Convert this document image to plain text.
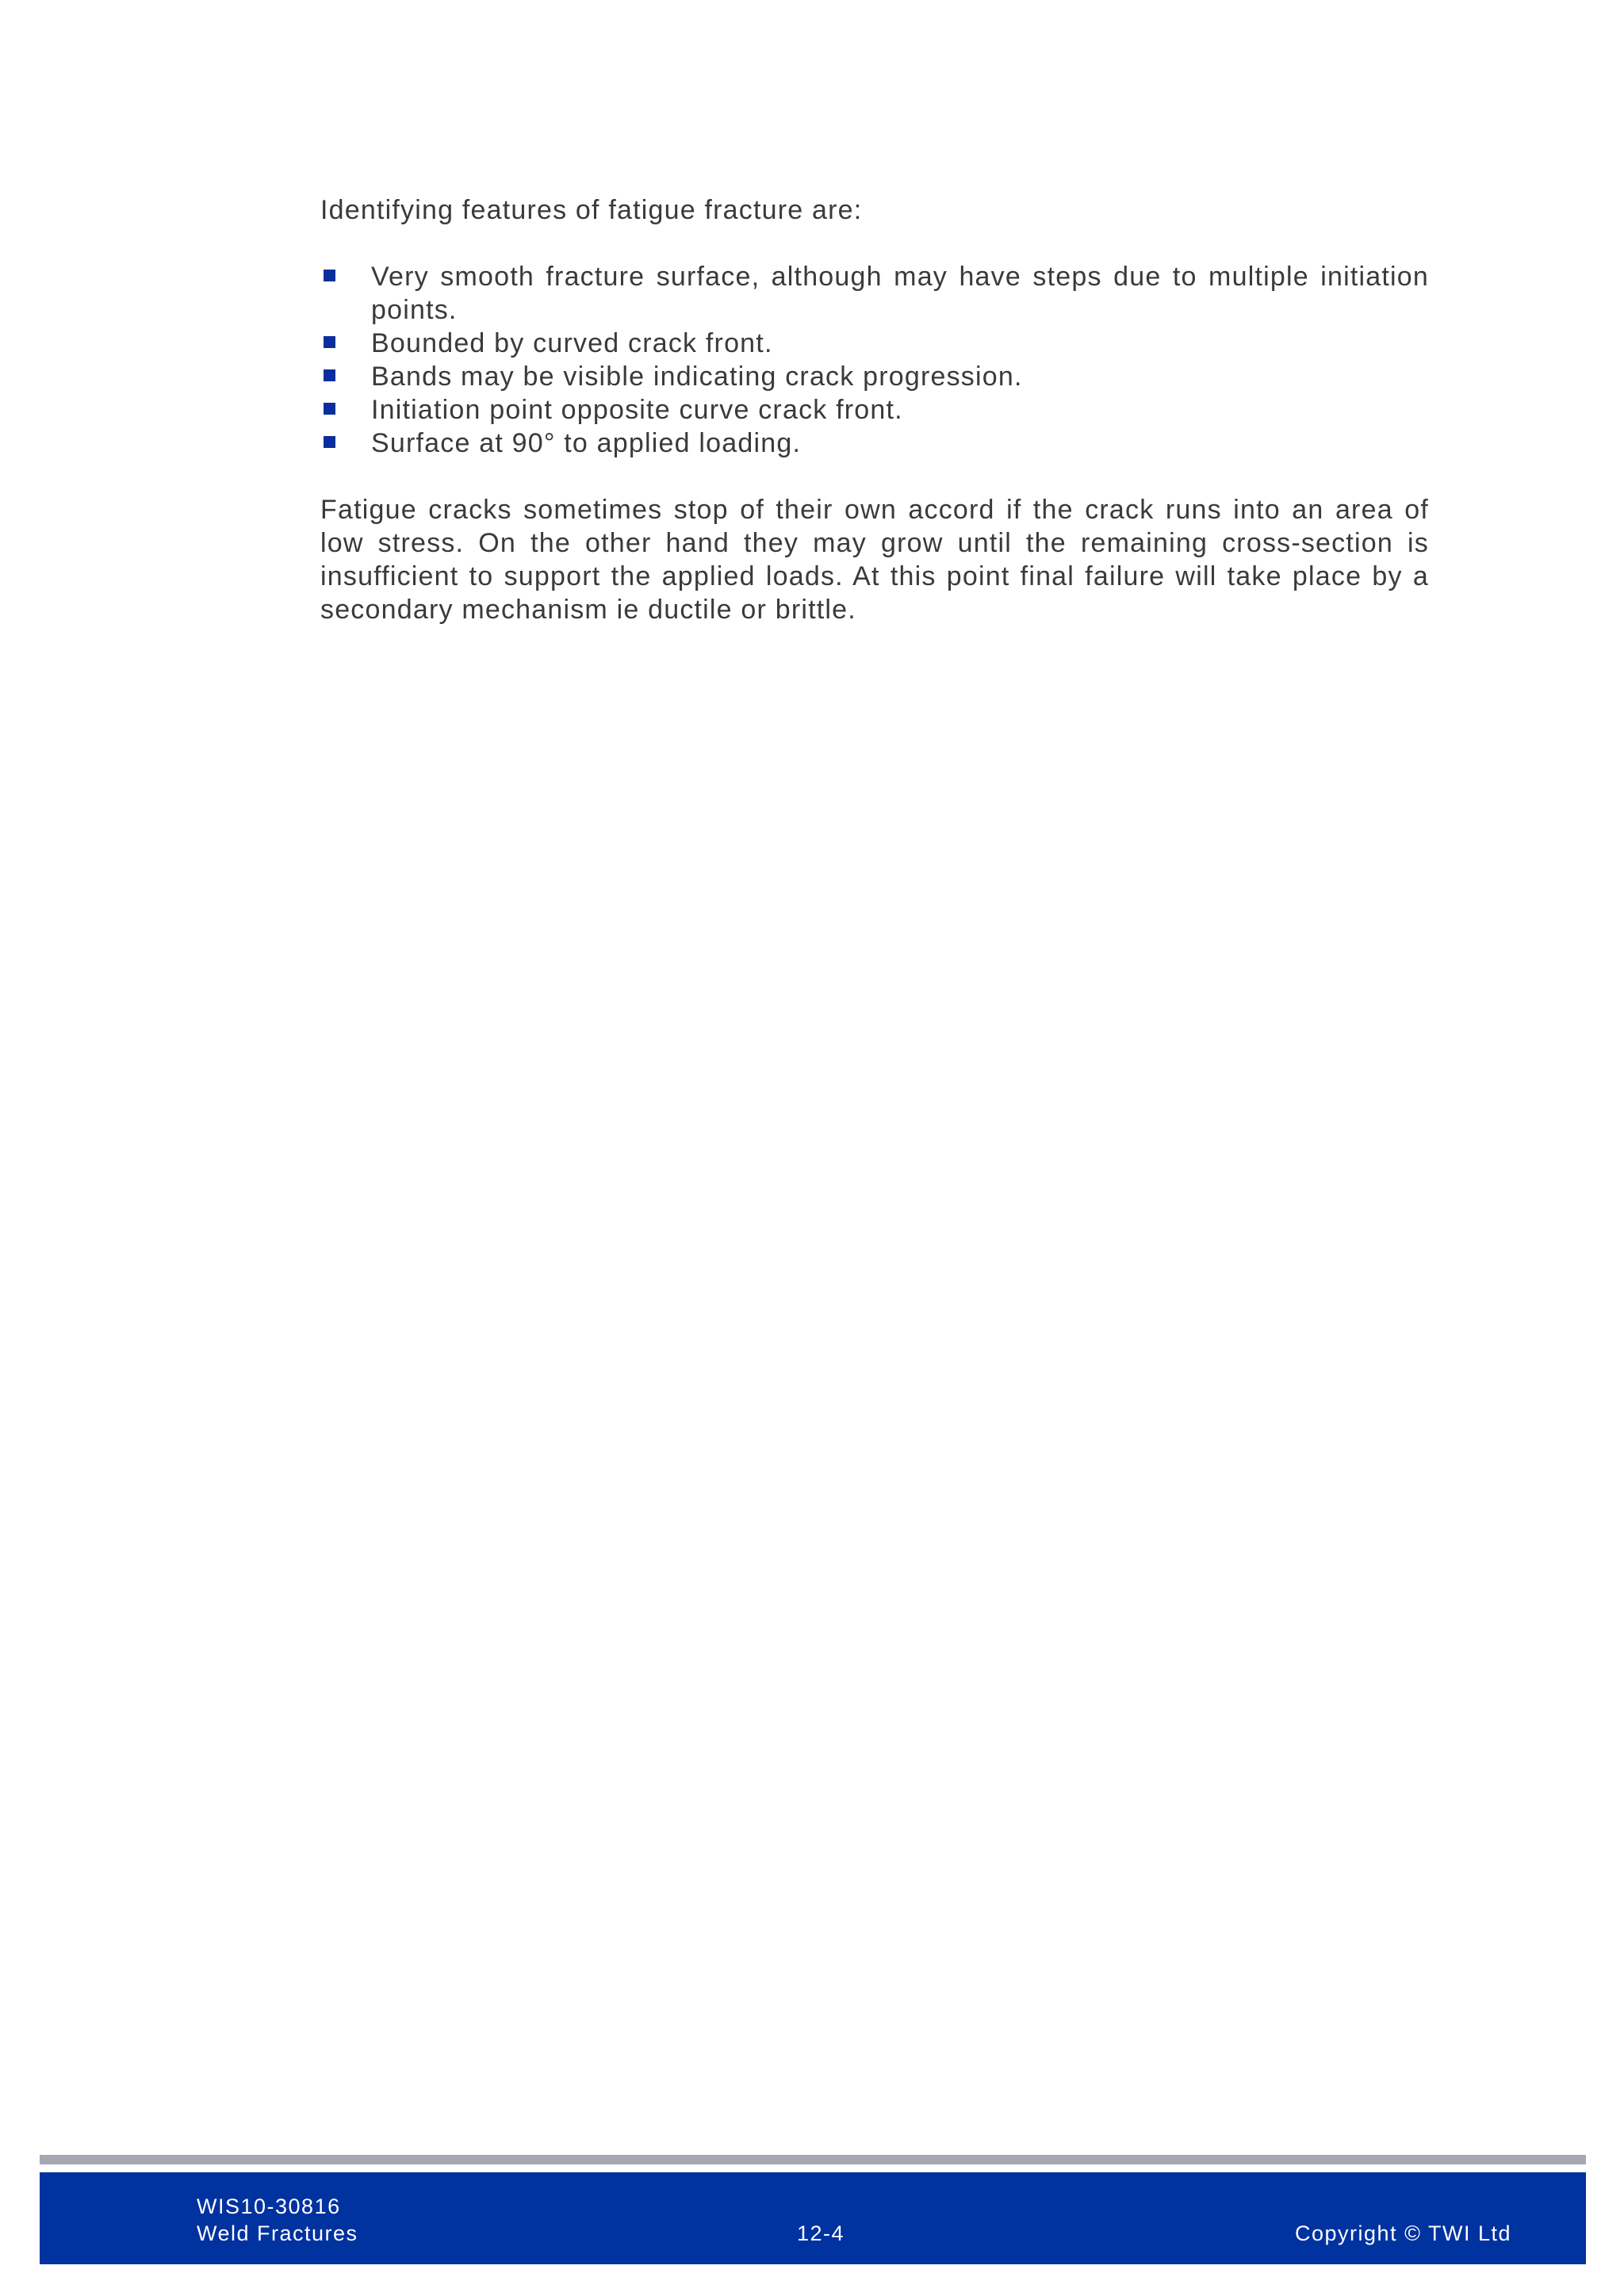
Identifying features of fatigue fracture are:

Very smooth fracture surface, although may have steps due to multiple initiation points.
Bounded by curved crack front.
Bands may be visible indicating crack progression.
Initiation point opposite curve crack front.
Surface at 90° to applied loading.

Fatigue cracks sometimes stop of their own accord if the crack runs into an area of low stress. On the other hand they may grow until the remaining cross-section is insufficient to support the applied loads. At this point final failure will take place by a secondary mechanism ie ductile or brittle.

WIS10-30816
Weld Fractures	12-4	Copyright © TWI Ltd
